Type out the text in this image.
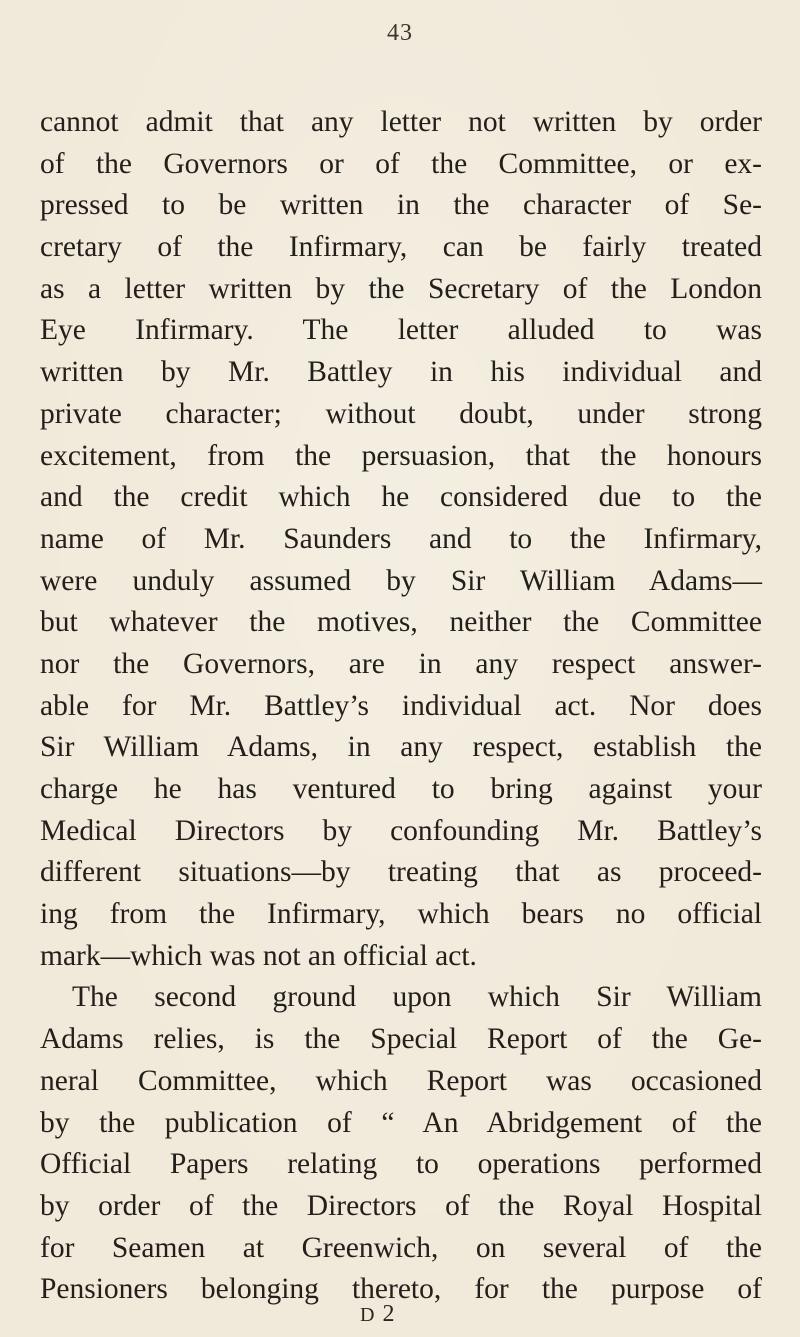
43
cannot admit that any letter not written by order
of the Governors or of the Committee, or ex-
pressed to be written in the character of Se-
cretary of the Infirmary, can be fairly treated
as a letter written by the Secretary of the London
Eye Infirmary. The letter alluded to was
written by Mr. Battley in his individual and
private character; without doubt, under strong
excitement, from the persuasion, that the honours
and the credit which he considered due to the
name of Mr. Saunders and to the Infirmary,
were unduly assumed by Sir William Adams—
but whatever the motives, neither the Committee
nor the Governors, are in any respect answer-
able for Mr. Battley’s individual act. Nor does
Sir William Adams, in any respect, establish the
charge he has ventured to bring against your
Medical Directors by confounding Mr. Battley’s
different situations—by treating that as proceed-
ing from the Infirmary, which bears no official
mark—which was not an official act.
The second ground upon which Sir William
Adams relies, is the Special Report of the Ge-
neral Committee, which Report was occasioned
by the publication of “ An Abridgement of the
Official Papers relating to operations performed
by order of the Directors of the Royal Hospital
for Seamen at Greenwich, on several of the
Pensioners belonging thereto, for the purpose of
D 2
